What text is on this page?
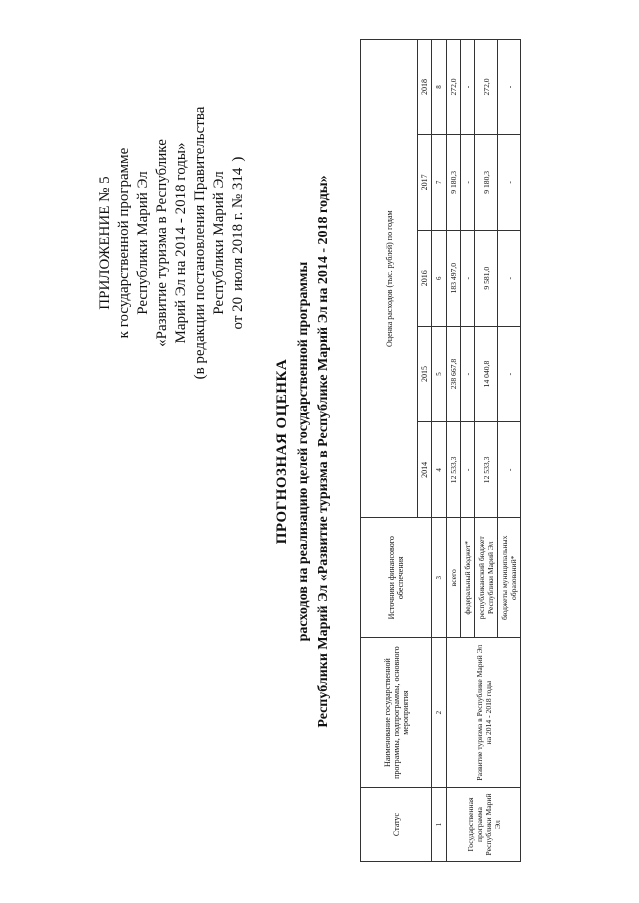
ПРИЛОЖЕНИЕ № 5 к государственной программе Республики Марий Эл «Развитие туризма в Республике Марий Эл на 2014 - 2018 годы» (в редакции постановления Правительства Республики Марий Эл от 20
июля 2018 г. № 314
)
ПРОГНОЗНАЯ ОЦЕНКА расходов на реализацию целей государственной программы Республики Марий Эл «Развитие туризма в Республике Марий Эл на 2014 - 2018 годы»
Статус	Наименование государственной программы, подпрограммы, основного мероприятия	Источники финансового обеспечения	Оценка расходов (тыс. рублей) по годам				
			2014	2015	2016	2017	2018
1	2	3	4	5	6	7	8
Государственная программа Республики Марий Эл	Развитие туризма в Республике Марий Эл на 2014 - 2018 годы	всего	12 533,3	238 667,8	183 497,0	9 180,3	272,0
		федеральный бюджет*	-	-	-	-	-
		республиканский бюджет Республики Марий Эл	12 533,3	14 040,8	9 581,0	9 180,3	272,0
		бюджеты муниципальных образований*	-	-	-	-	-
